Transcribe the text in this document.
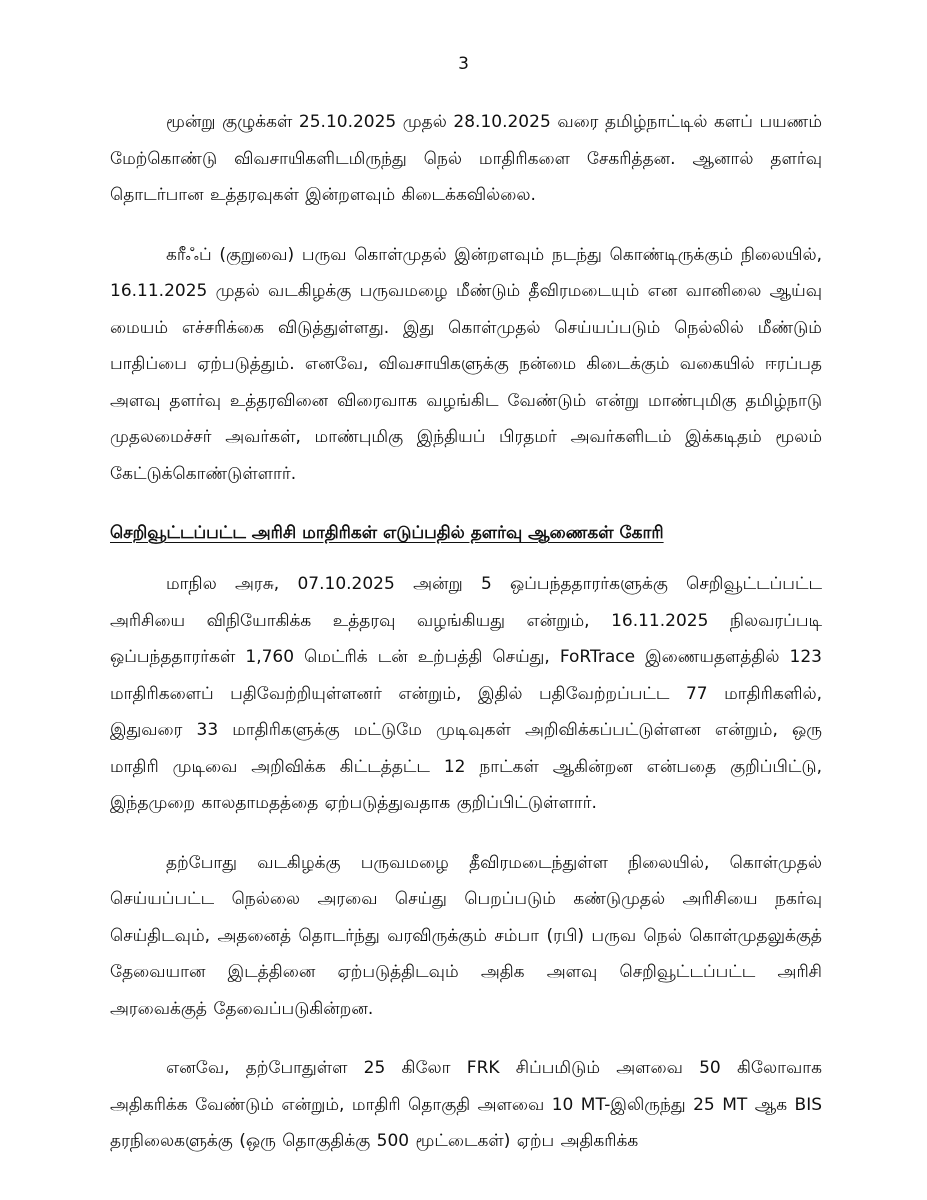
3

மூன்று குழுக்கள் 25.10.2025 முதல் 28.10.2025 வரை தமிழ்நாட்டில் களப் பயணம் மேற்கொண்டு விவசாயிகளிடமிருந்து நெல் மாதிரிகளை சேகரித்தன. ஆனால் தளர்வு தொடர்பான உத்தரவுகள் இன்றளவும் கிடைக்கவில்லை.

கரீஃப் (குறுவை) பருவ கொள்முதல் இன்றளவும் நடந்து கொண்டிருக்கும் நிலையில், 16.11.2025 முதல் வடகிழக்கு பருவமழை மீண்டும் தீவிரமடையும் என வானிலை ஆய்வு மையம் எச்சரிக்கை விடுத்துள்ளது. இது கொள்முதல் செய்யப்படும் நெல்லில் மீண்டும் பாதிப்பை ஏற்படுத்தும். எனவே, விவசாயிகளுக்கு நன்மை கிடைக்கும் வகையில் ஈரப்பத அளவு தளர்வு உத்தரவினை விரைவாக வழங்கிட வேண்டும் என்று மாண்புமிகு தமிழ்நாடு முதலமைச்சர் அவர்கள், மாண்புமிகு இந்தியப் பிரதமர் அவர்களிடம் இக்கடிதம் மூலம் கேட்டுக்கொண்டுள்ளார்.

செறிவூட்டப்பட்ட அரிசி மாதிரிகள் எடுப்பதில் தளர்வு ஆணைகள் கோரி

மாநில அரசு, 07.10.2025 அன்று 5 ஒப்பந்ததாரர்களுக்கு செறிவூட்டப்பட்ட அரிசியை விநியோகிக்க உத்தரவு வழங்கியது என்றும், 16.11.2025 நிலவரப்படி ஒப்பந்ததாரர்கள் 1,760 மெட்ரிக் டன் உற்பத்தி செய்து, FoRTrace இணையதளத்தில் 123 மாதிரிகளைப் பதிவேற்றியுள்ளனர் என்றும், இதில் பதிவேற்றப்பட்ட 77 மாதிரிகளில், இதுவரை 33 மாதிரிகளுக்கு மட்டுமே முடிவுகள் அறிவிக்கப்பட்டுள்ளன என்றும், ஒரு மாதிரி முடிவை அறிவிக்க கிட்டத்தட்ட 12 நாட்கள் ஆகின்றன என்பதை குறிப்பிட்டு, இந்தமுறை காலதாமதத்தை ஏற்படுத்துவதாக குறிப்பிட்டுள்ளார்.

தற்போது வடகிழக்கு பருவமழை தீவிரமடைந்துள்ள நிலையில், கொள்முதல் செய்யப்பட்ட நெல்லை அரவை செய்து பெறப்படும் கண்டுமுதல் அரிசியை நகர்வு செய்திடவும், அதனைத் தொடர்ந்து வரவிருக்கும் சம்பா (ரபி) பருவ நெல் கொள்முதலுக்குத் தேவையான இடத்தினை ஏற்படுத்திடவும் அதிக அளவு செறிவூட்டப்பட்ட அரிசி அரவைக்குத் தேவைப்படுகின்றன.

எனவே, தற்போதுள்ள 25 கிலோ FRK சிப்பமிடும் அளவை 50 கிலோவாக அதிகரிக்க வேண்டும் என்றும், மாதிரி தொகுதி அளவை 10 MT-இலிருந்து 25 MT ஆக BIS தரநிலைகளுக்கு (ஒரு தொகுதிக்கு 500 மூட்டைகள்) ஏற்ப அதிகரிக்க
